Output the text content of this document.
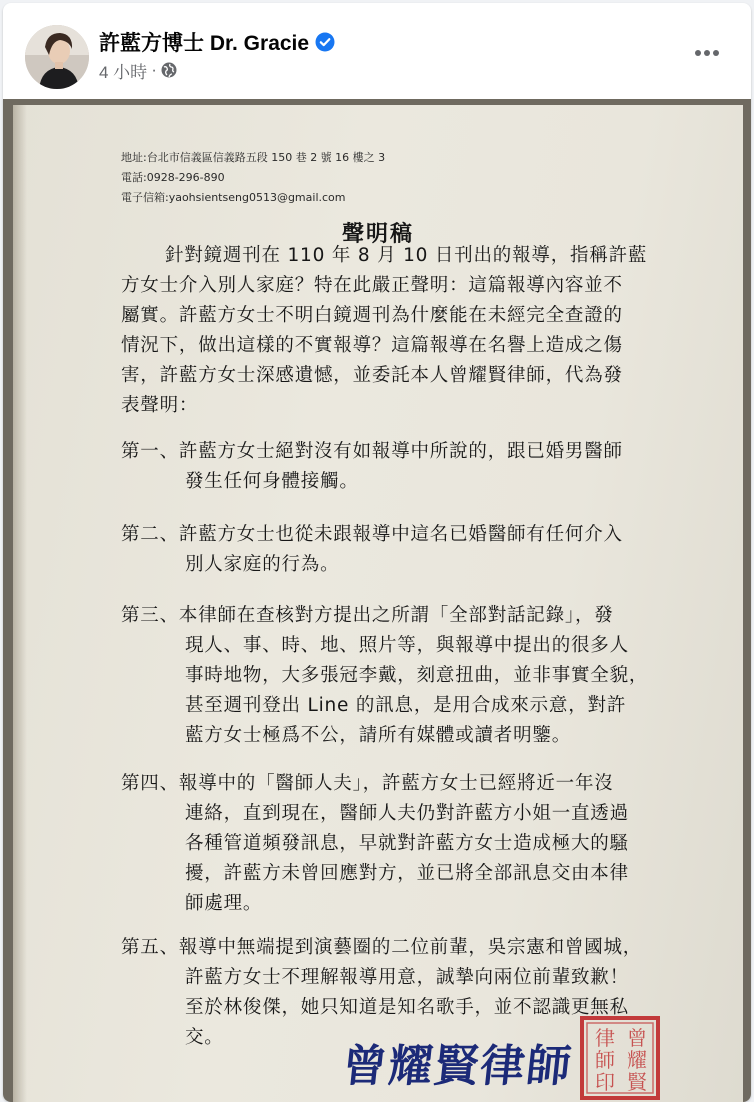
許藍方博士 Dr. Gracie
4 小時 ·
地址:台北市信義區信義路五段 150 巷 2 號 16 樓之 3
電話:0928-296-890
電子信箱:yaohsientseng0513@gmail.com
聲明稿
針對鏡週刊在 110 年 8 月 10 日刊出的報導，指稱許藍
方女士介入別人家庭？特在此嚴正聲明：這篇報導內容並不
屬實。許藍方女士不明白鏡週刊為什麼能在未經完全查證的
情況下，做出這樣的不實報導？這篇報導在名譽上造成之傷
害，許藍方女士深感遺憾，並委託本人曾耀賢律師，代為發
表聲明：
第一、許藍方女士絕對沒有如報導中所說的，跟已婚男醫師
發生任何身體接觸。
第二、許藍方女士也從未跟報導中這名已婚醫師有任何介入
別人家庭的行為。
第三、本律師在查核對方提出之所謂「全部對話記錄」，發
現人、事、時、地、照片等，與報導中提出的很多人
事時地物，大多張冠李戴，刻意扭曲，並非事實全貌，
甚至週刊登出 Line 的訊息，是用合成來示意，對許
藍方女士極爲不公，請所有媒體或讀者明鑒。
第四、報導中的「醫師人夫」，許藍方女士已經將近一年沒
連絡，直到現在，醫師人夫仍對許藍方小姐一直透過
各種管道頻發訊息，早就對許藍方女士造成極大的騷
擾，許藍方未曾回應對方，並已將全部訊息交由本律
師處理。
第五、報導中無端提到演藝圈的二位前輩，吳宗憲和曾國城，
許藍方女士不理解報導用意，誠摯向兩位前輩致歉！
至於林俊傑，她只知道是知名歌手，並不認識更無私
交。
曾耀賢律師
曾
耀
賢
律
師
印
